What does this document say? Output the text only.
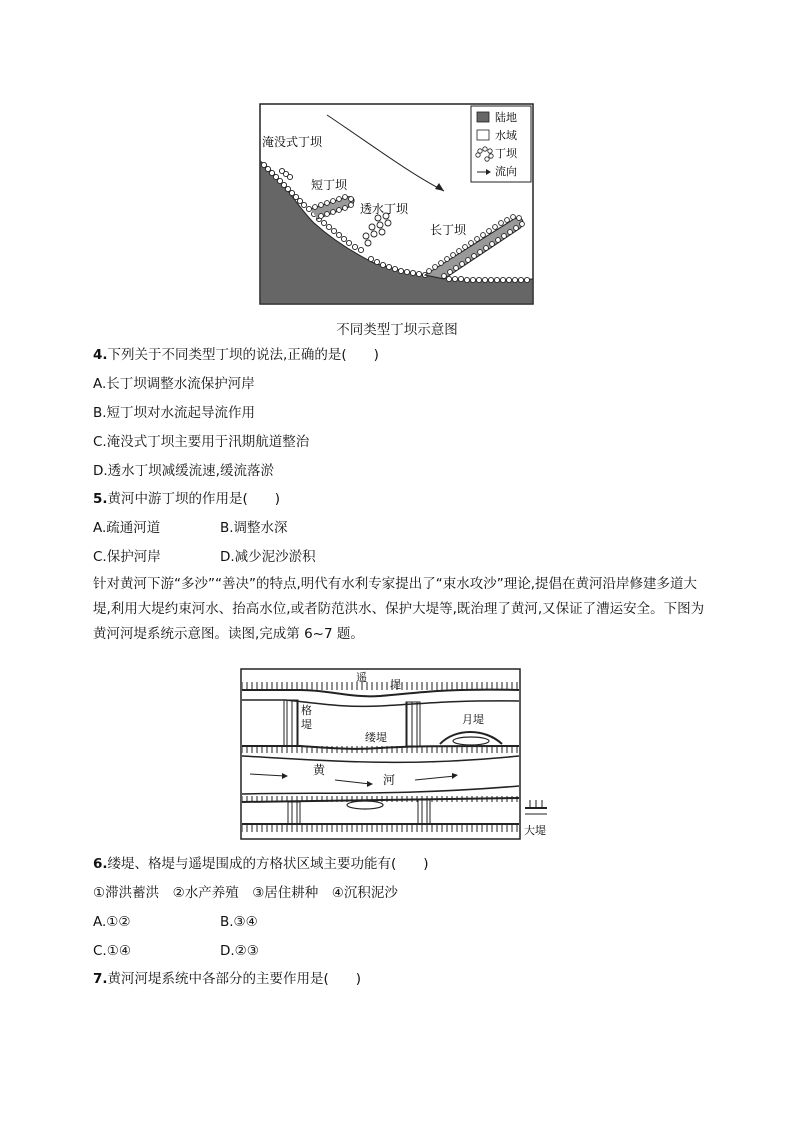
陆地
水域
丁坝
流向
淹没式丁坝
短丁坝
透水丁坝
长丁坝
不同类型丁坝示意图
4.下列关于不同类型丁坝的说法,正确的是(　　)
A.长丁坝调整水流保护河岸
B.短丁坝对水流起导流作用
C.淹没式丁坝主要用于汛期航道整治
D.透水丁坝减缓流速,缓流落淤
5.黄河中游丁坝的作用是(　　)
A.疏通河道	B.调整水深
C.保护河岸	D.减少泥沙淤积
针对黄河下游“多沙”“善决”的特点,明代有水利专家提出了“束水攻沙”理论,提倡在黄河沿岸修建多道大堤,利用大堤约束河水、抬高水位,或者防范洪水、保护大堤等,既治理了黄河,又保证了漕运安全。下图为黄河河堤系统示意图。读图,完成第 6~7 题。
遥
堤
格
堤
缕堤
月堤
黄
河
大堤
6.缕堤、格堤与遥堤围成的方格状区域主要功能有(　　)
①滞洪蓄洪　②水产养殖　③居住耕种　④沉积泥沙
A.①②	B.③④
C.①④	D.②③
7.黄河河堤系统中各部分的主要作用是(　　)
